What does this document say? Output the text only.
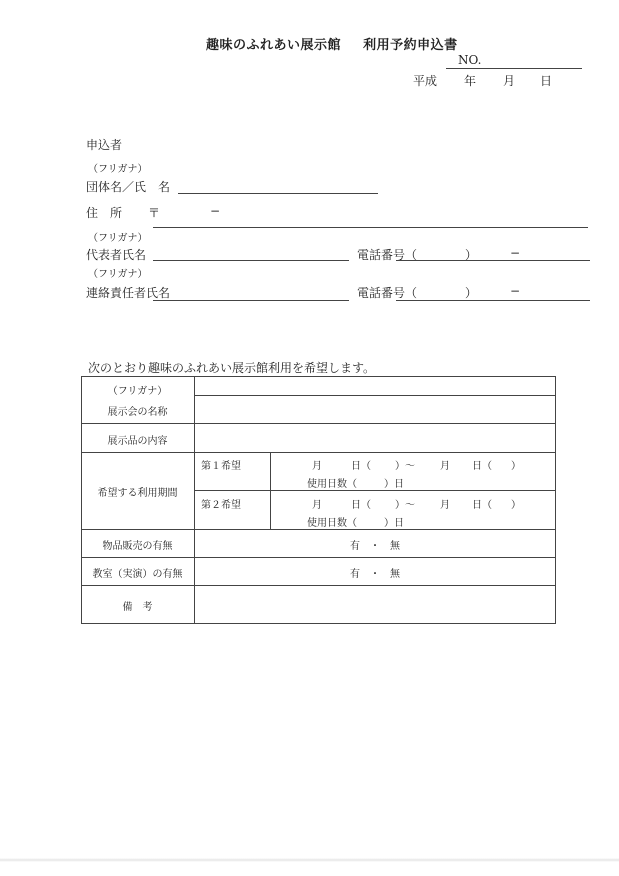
趣味のふれあい展示館 利用予約申込書
NO.
平成 年 月 日
申込者
（フリガナ）
団体名／氏　名
住　所 〒	−
（フリガナ）
代表者氏名	電話番号（	）	−
（フリガナ）
連絡責任者氏名	電話番号（	）	−
次のとおり趣味のふれあい展示館利用を希望します。
（フリガナ）
展示会の名称
展示品の内容
希望する利用期間
第１希望	月	日（ ）〜	月 日（ ）
使用日数（	）日
第２希望	月	日（ ）〜	月 日（ ）
使用日数（	）日
物品販売の有無	有　・　無
教室（実演）の有無	有　・　無
備　考
